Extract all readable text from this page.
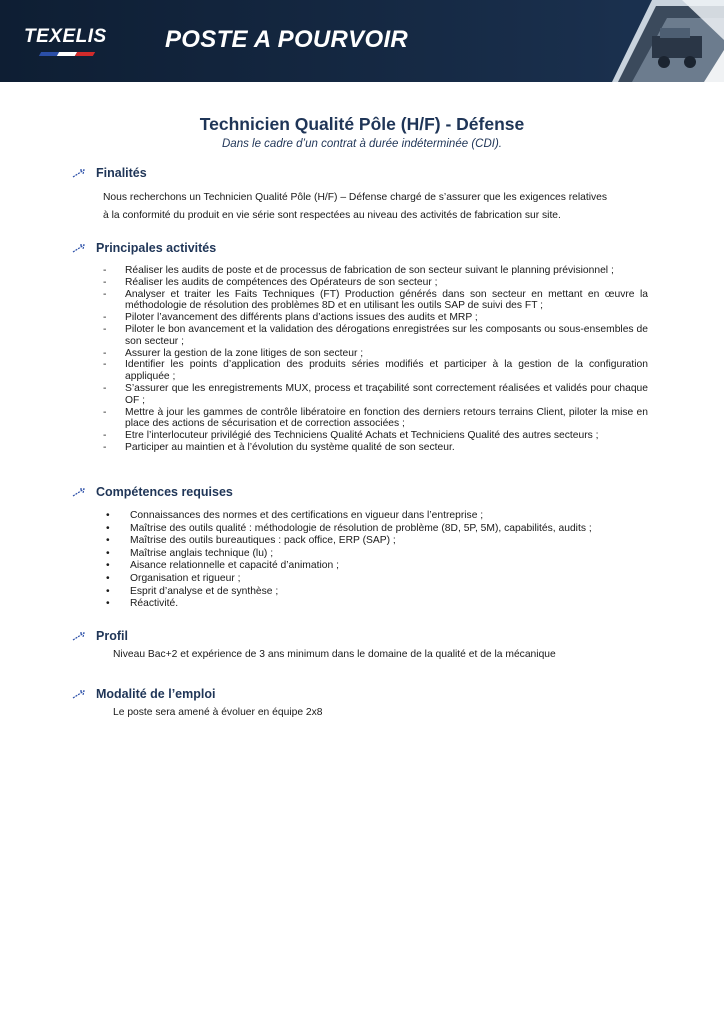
TEXELIS POSTE A POURVOIR
Technicien Qualité Pôle (H/F) - Défense
Dans le cadre d’un contrat à durée indéterminée (CDI).
Finalités
Nous recherchons un Technicien Qualité Pôle (H/F) – Défense chargé de s’assurer que les exigences relatives
à la conformité du produit en vie série sont respectées au niveau des activités de fabrication sur site.
Principales activités
-	Réaliser les audits de poste et de processus de fabrication de son secteur suivant le planning prévisionnel ;
-	Réaliser les audits de compétences des Opérateurs de son secteur ;
-	Analyser et traiter les Faits Techniques (FT) Production générés dans son secteur en mettant en œuvre la méthodologie de résolution des problèmes 8D et en utilisant les outils SAP de suivi des FT ;
-	Piloter l’avancement des différents plans d’actions issues des audits et MRP ;
-	Piloter le bon avancement et la validation des dérogations enregistrées sur les composants ou sous-ensembles de son secteur ;
-	Assurer la gestion de la zone litiges de son secteur ;
-	Identifier les points d’application des produits séries modifiés et participer à la gestion de la configuration appliquée ;
-	S’assurer que les enregistrements MUX, process et traçabilité sont correctement réalisées et validés pour chaque OF ;
-	Mettre à jour les gammes de contrôle libératoire en fonction des derniers retours terrains Client, piloter la mise en place des actions de sécurisation et de correction associées ;
-	Etre l’interlocuteur privilégié des Techniciens Qualité Achats et Techniciens Qualité des autres secteurs ;
-	Participer au maintien et à l’évolution du système qualité de son secteur.
Compétences requises
•	Connaissances des normes et des certifications en vigueur dans l’entreprise ;
•	Maîtrise des outils qualité : méthodologie de résolution de problème (8D, 5P, 5M), capabilités, audits ;
•	Maîtrise des outils bureautiques : pack office, ERP (SAP) ;
•	Maîtrise anglais technique (lu) ;
•	Aisance relationnelle et capacité d’animation ;
•	Organisation et rigueur ;
•	Esprit d’analyse et de synthèse ;
•	Réactivité.
Profil
Niveau Bac+2 et expérience de 3 ans minimum dans le domaine de la qualité et de la mécanique
Modalité de l’emploi
Le poste sera amené à évoluer en équipe 2x8
